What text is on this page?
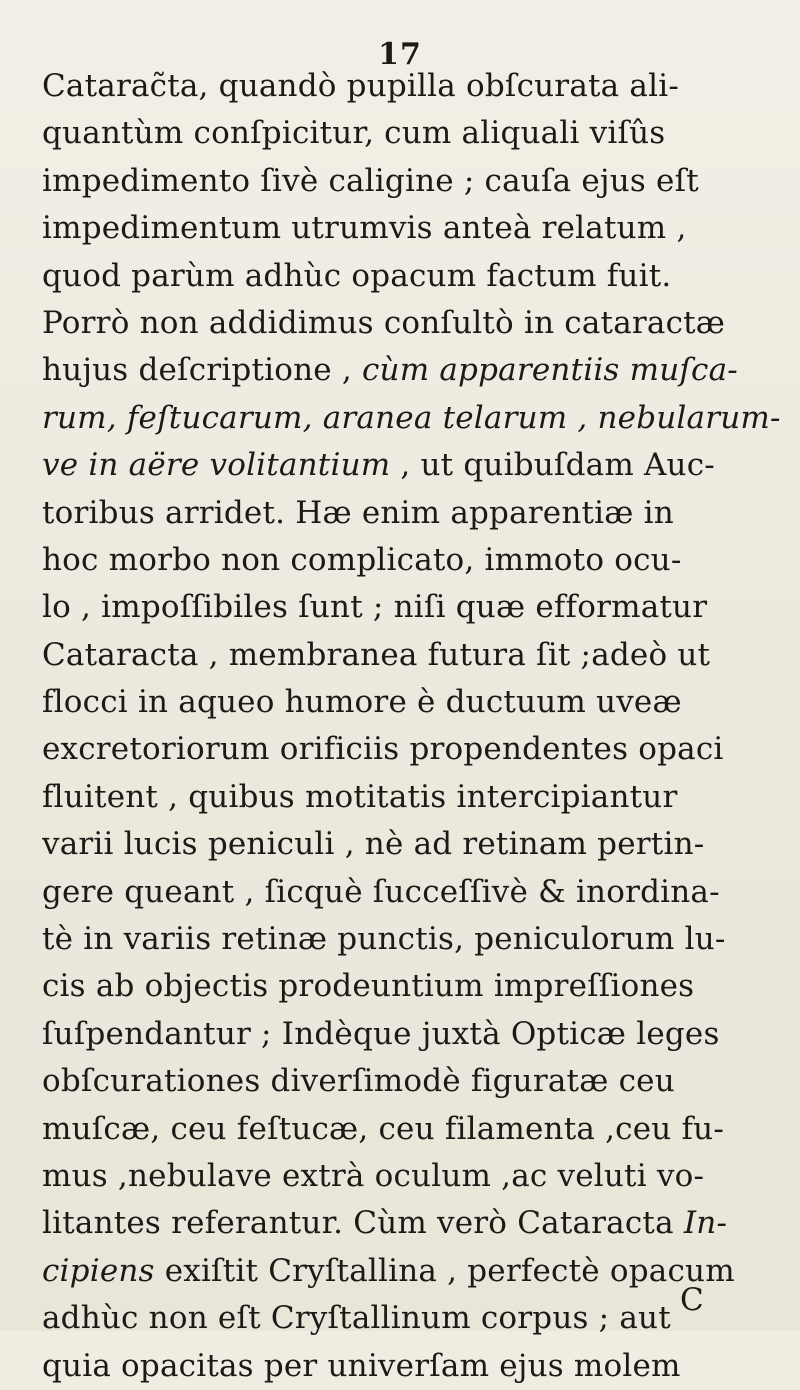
17
Catarac̃ta, quandò pupilla obſcurata ali-
quantùm conſpicitur, cum aliquali viſûs
impedimento ſivè caligine ; cauſa ejus eſt
impedimentum utrumvis anteà relatum ,
quod parùm adhùc opacum factum fuit.
Porrò non addidimus conſultò in cataractæ
hujus deſcriptione , cùm apparentiis muſca-
rum, feſtucarum, aranea telarum , nebularum-
ve in aëre volitantium , ut quibuſdam Auc-
toribus arridet. Hæ enim apparentiæ in
hoc morbo non complicato, immoto ocu-
lo , impoſſibiles ſunt ; niſi quæ efformatur
Cataracta , membranea futura ſit ;adeò ut
flocci in aqueo humore è ductuum uveæ
excretoriorum orificiis propendentes opaci
fluitent , quibus motitatis intercipiantur
varii lucis peniculi , nè ad retinam pertin-
gere queant , ſicquè ſucceſſivè & inordina-
tè in variis retinæ punctis, peniculorum lu-
cis ab objectis prodeuntium impreſſiones
ſuſpendantur ; Indèque juxtà Opticæ leges
obſcurationes diverſimodè figuratæ ceu
muſcæ, ceu feſtucæ, ceu filamenta ,ceu fu-
mus ,nebulave extrà oculum ,ac veluti vo-
litantes referantur. Cùm verò Cataracta In-
cipiens exiſtit Cryſtallina , perfectè opacum
adhùc non eſt Cryſtallinum corpus ; aut
quia opacitas per univerſam ejus molem
C
